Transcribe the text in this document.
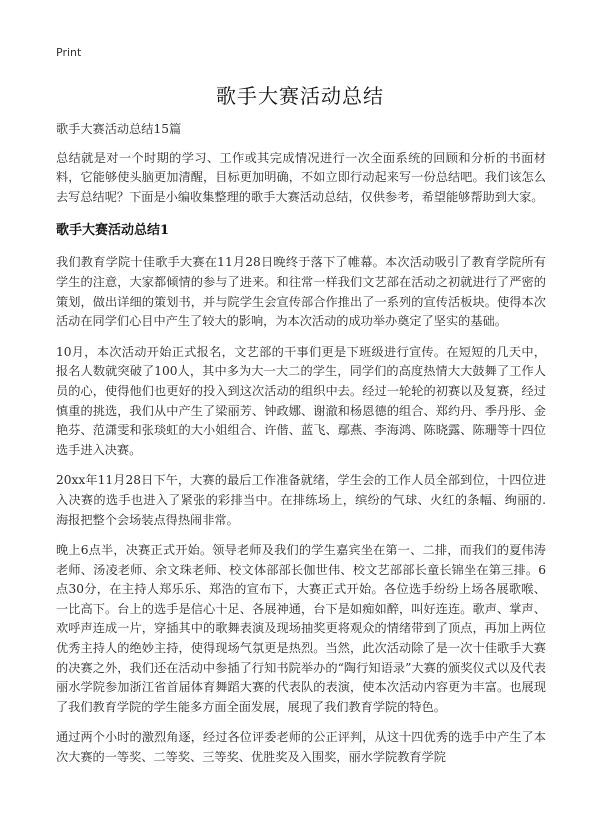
Print
歌手大赛活动总结

歌手大赛活动总结15篇

总结就是对一个时期的学习、工作或其完成情况进行一次全面系统的回顾和分析的书面材料，它能够使头脑更加清醒，目标更加明确，不如立即行动起来写一份总结吧。我们该怎么去写总结呢？下面是小编收集整理的歌手大赛活动总结，仅供参考，希望能够帮助到大家。

歌手大赛活动总结1

我们教育学院十佳歌手大赛在11月28日晚终于落下了帷幕。本次活动吸引了教育学院所有学生的注意，大家都倾情的参与了进来。和往常一样我们文艺部在活动之初就进行了严密的策划，做出详细的策划书，并与院学生会宣传部合作推出了一系列的宣传活板块。使得本次活动在同学们心目中产生了较大的影响，为本次活动的成功举办奠定了坚实的基础。

10月，本次活动开始正式报名，文艺部的干事们更是下班级进行宣传。在短短的几天中，报名人数就突破了100人，其中多为大一大二的学生，同学们的高度热情大大鼓舞了工作人员的心，使得他们也更好的投入到这次活动的组织中去。经过一轮轮的初赛以及复赛，经过慎重的挑选，我们从中产生了梁丽芳、钟政娜、谢澈和杨恩德的组合、郑约丹、季丹彤、金艳芬、范潇雯和张琰虹的大小姐组合、许偕、蓝飞、鄢燕、李海鸿、陈晓露、陈珊等十四位选手进入决赛。

20xx年11月28日下午，大赛的最后工作准备就绪，学生会的工作人员全部到位，十四位进入决赛的选手也进入了紧张的彩排当中。在排练场上，缤纷的气球、火红的条幅、绚丽的.海报把整个会场装点得热闹非常。

晚上6点半，决赛正式开始。领导老师及我们的学生嘉宾坐在第一、二排，而我们的夏伟涛老师、汤凌老师、余文珠老师、校文体部部长伽世伟、校文艺部部长童长锦坐在第三排。6点30分，在主持人郑乐乐、郑浩的宣布下，大赛正式开始。各位选手纷纷上场各展歌喉、一比高下。台上的选手是信心十足、各展神通，台下是如痴如醉，叫好连连。歌声、掌声、欢呼声连成一片，穿插其中的歌舞表演及现场抽奖更将观众的情绪带到了顶点，再加上两位优秀主持人的绝妙主持，使得现场气氛更是热烈。当然，此次活动除了是一次十佳歌手大赛的决赛之外，我们还在活动中参插了行知书院举办的“陶行知语录”大赛的颁奖仪式以及代表丽水学院参加浙江省首届体育舞蹈大赛的代表队的表演，使本次活动内容更为丰富。也展现了我们教育学院的学生能多方面全面发展，展现了我们教育学院的特色。

通过两个小时的激烈角逐，经过各位评委老师的公正评判，从这十四优秀的选手中产生了本次大赛的一等奖、二等奖、三等奖、优胜奖及入围奖，丽水学院教育学院
